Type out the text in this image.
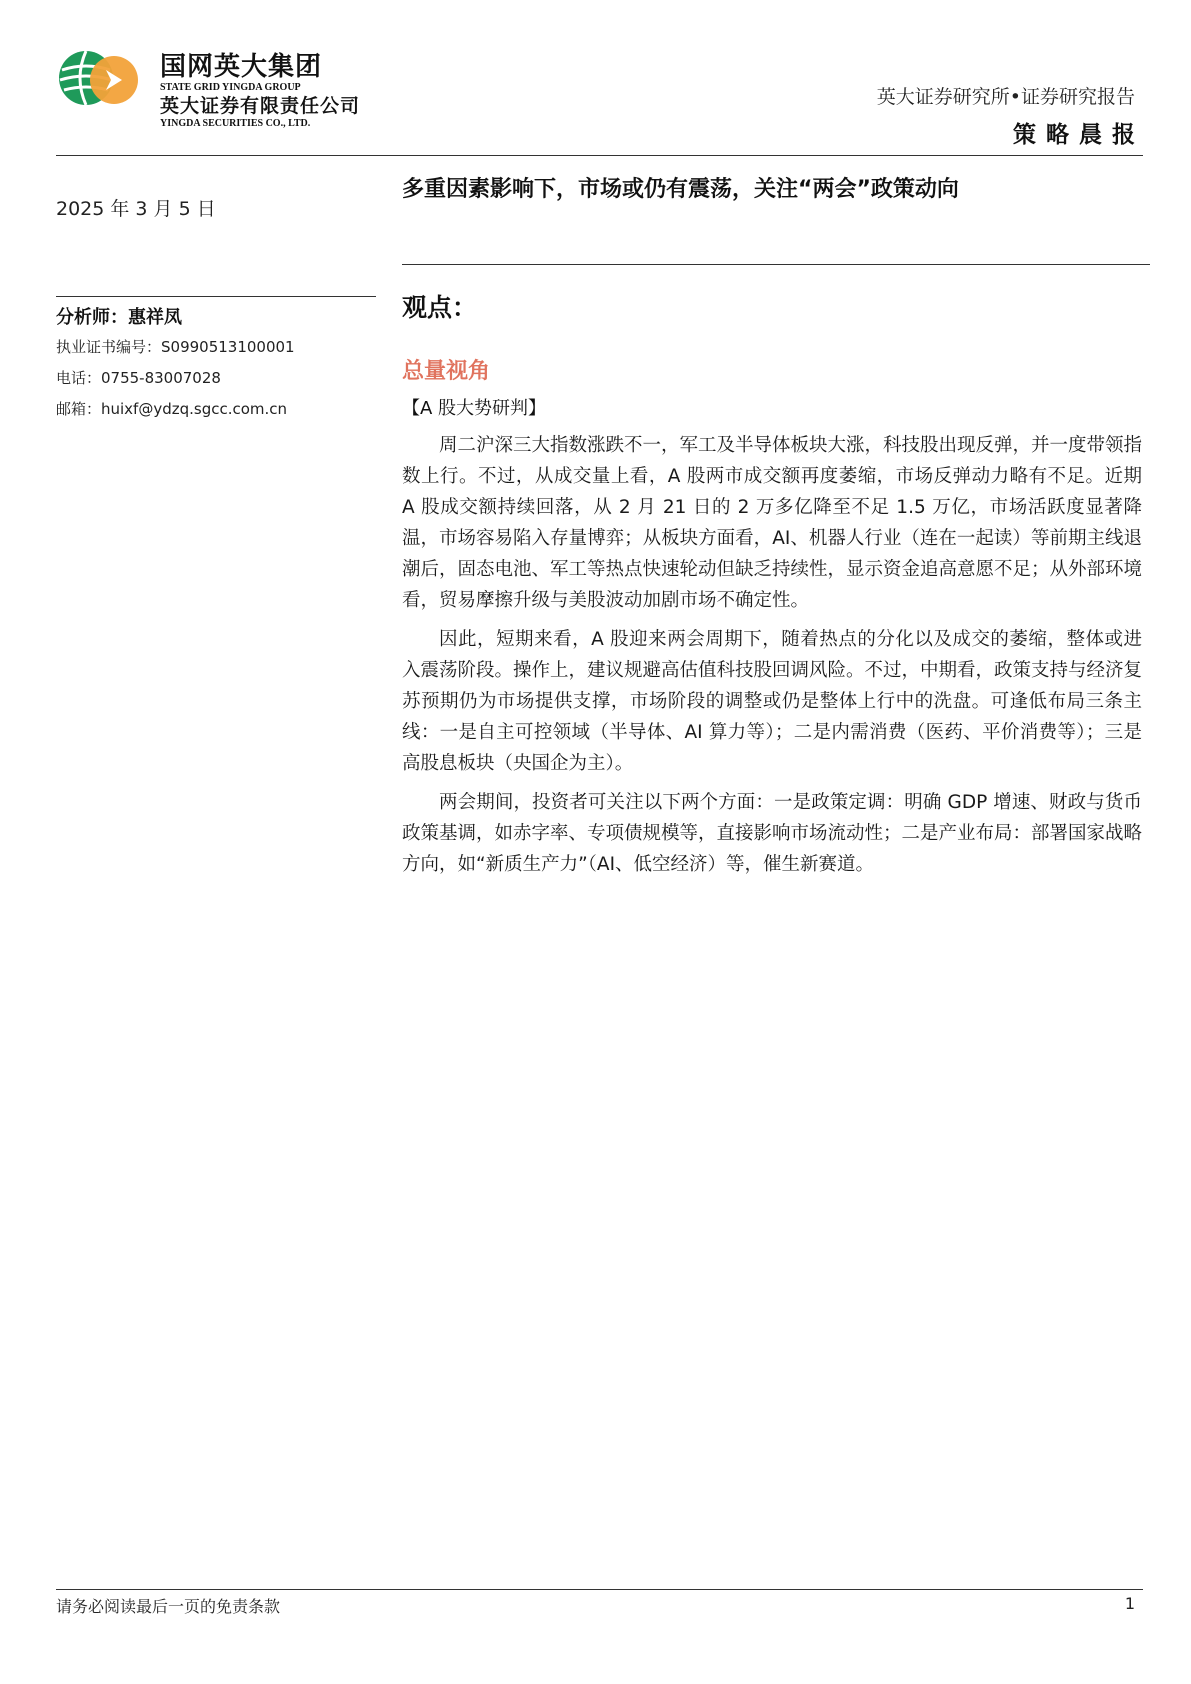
国网英大集团
STATE GRID YINGDA GROUP
英大证券有限责任公司
YINGDA SECURITIES CO., LTD.
英大证券研究所•证券研究报告
策略晨报
2025 年 3 月 5 日
分析师：惠祥凤
执业证书编号：S0990513100001
电话：0755-83007028
邮箱：huixf@ydzq.sgcc.com.cn
多重因素影响下，市场或仍有震荡，关注“两会”政策动向
观点：
总量视角
【A 股大势研判】

周二沪深三大指数涨跌不一，军工及半导体板块大涨，科技股出现反弹，并一度带领指数上行。不过，从成交量上看，A 股两市成交额再度萎缩，市场反弹动力略有不足。近期 A 股成交额持续回落，从 2 月 21 日的 2 万多亿降至不足 1.5 万亿，市场活跃度显著降温，市场容易陷入存量博弈；从板块方面看，AI、机器人行业（连在一起读）等前期主线退潮后，固态电池、军工等热点快速轮动但缺乏持续性，显示资金追高意愿不足；从外部环境看，贸易摩擦升级与美股波动加剧市场不确定性。

因此，短期来看，A 股迎来两会周期下，随着热点的分化以及成交的萎缩，整体或进入震荡阶段。操作上，建议规避高估值科技股回调风险。不过，中期看，政策支持与经济复苏预期仍为市场提供支撑，市场阶段的调整或仍是整体上行中的洗盘。可逢低布局三条主线：一是自主可控领域（半导体、AI 算力等）；二是内需消费（医药、平价消费等）；三是高股息板块（央国企为主）。

两会期间，投资者可关注以下两个方面：一是政策定调：明确 GDP 增速、财政与货币政策基调，如赤字率、专项债规模等，直接影响市场流动性；二是产业布局：部署国家战略方向，如“新质生产力”（AI、低空经济）等，催生新赛道。

请务必阅读最后一页的免责条款	1
